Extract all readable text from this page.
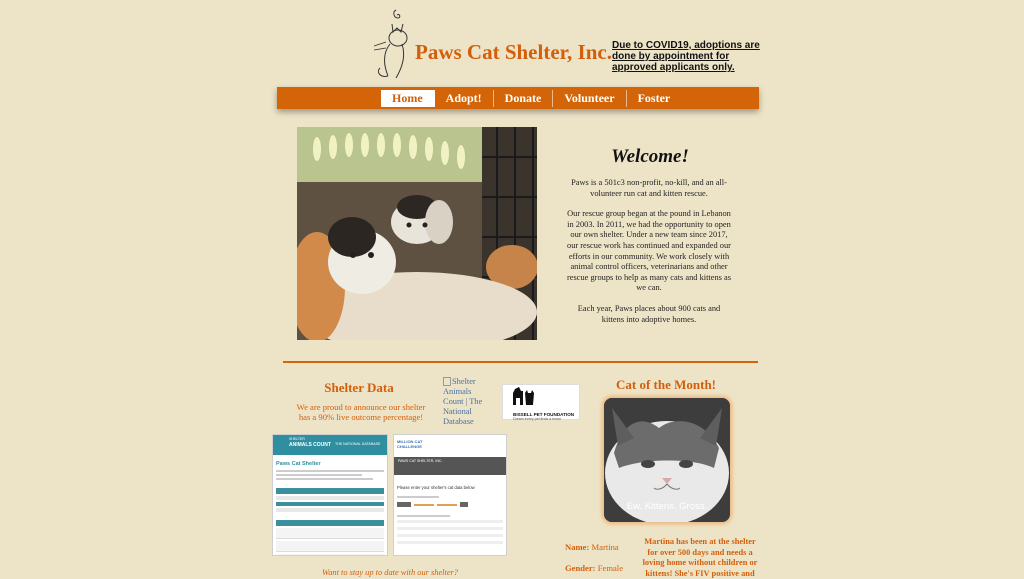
Paws Cat Shelter, Inc. Due to COVID19, adoptions are done by appointment for approved applicants only.
Home	Adopt!	Donate	Volunteer	Foster
Welcome!

Paws is a 501c3 non-profit, no-kill, and an all-volunteer run cat and kitten rescue.

Our rescue group began at the pound in Lebanon in 2003. In 2011, we had the opportunity to open our own shelter. Under a new team since 2017, our rescue work has continued and expanded our efforts in our community. We work closely with animal control officers, veterinarians and other rescue groups to help as many cats and kittens as we can.

Each year, Paws places about 900 cats and kittens into adoptive homes.

Shelter Data
We are proud to announce our shelter has a 90% live outcome percentage!
Shelter Animals Count | The National Database
BISSELL PET FOUNDATION
Dream every pet finds a home
SHELTER
ANIMALS COUNT THE NATIONAL DATABASE
Paws Cat Shelter
MILLION CAT CHALLENGE
PAWS CAT SHELTER, INC.
Please enter your shelter's cat data below
Want to stay up to date with our shelter?
Cat of the Month!
Ew. Kittens. Gross.
Name: Martina
Gender: Female
Martina has been at the shelter for over 500 days and needs a loving home without children or kittens! She's FIV positive and
